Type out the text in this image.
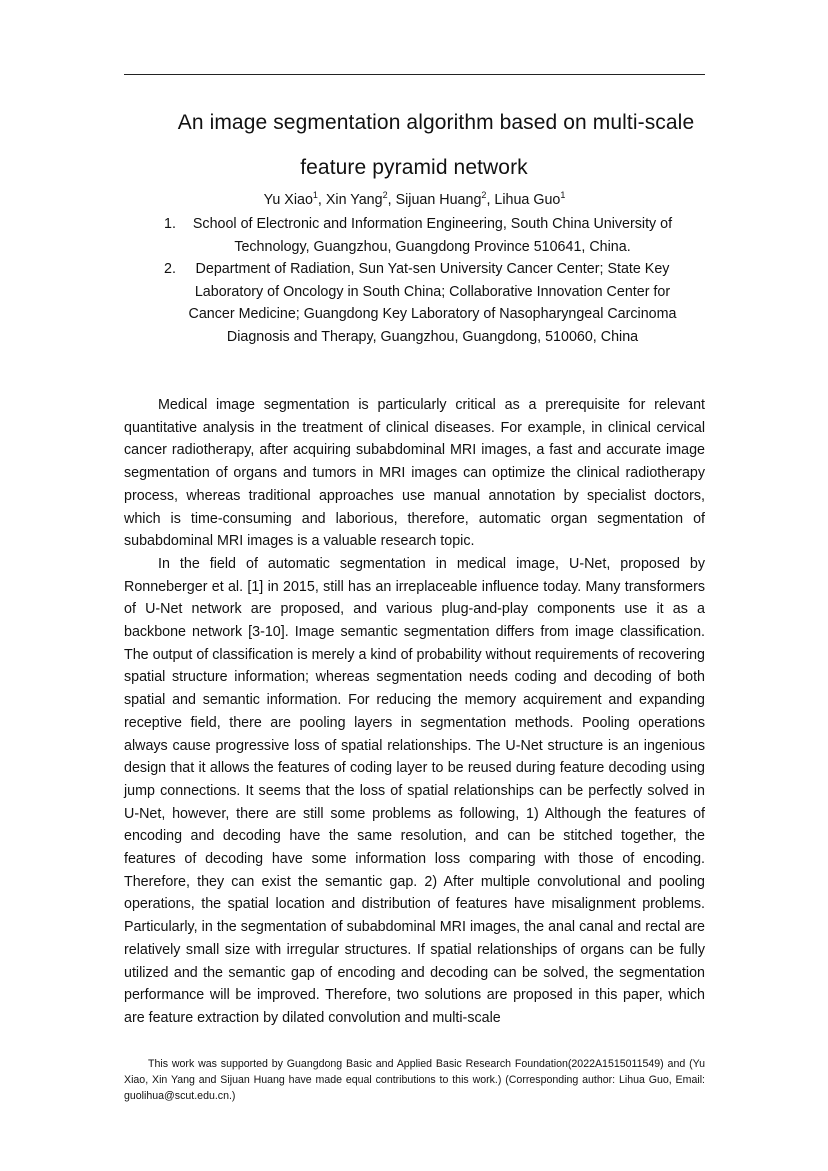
An image segmentation algorithm based on multi-scale
feature pyramid network
Yu Xiao$^1$, Xin Yang$^2$, Sijuan Huang$^2$, Lihua Guo$^1$
1.	School of Electronic and Information Engineering, South China University of
Technology, Guangzhou, Guangdong Province 510641, China.
2.	Department of Radiation, Sun Yat-sen University Cancer Center; State Key
Laboratory of Oncology in South China; Collaborative Innovation Center for
Cancer Medicine; Guangdong Key Laboratory of Nasopharyngeal Carcinoma
Diagnosis and Therapy, Guangzhou, Guangdong, 510060, China

Medical image segmentation is particularly critical as a prerequisite for relevant quantitative analysis in the treatment of clinical diseases. For example, in clinical cervical cancer radiotherapy, after acquiring subabdominal MRI images, a fast and accurate image segmentation of organs and tumors in MRI images can optimize the clinical radiotherapy process, whereas traditional approaches use manual annotation by specialist doctors, which is time-consuming and laborious, therefore, automatic organ segmentation of subabdominal MRI images is a valuable research topic.

In the field of automatic segmentation in medical image, U-Net, proposed by Ronneberger et al. [1] in 2015, still has an irreplaceable influence today. Many transformers of U-Net network are proposed, and various plug-and-play components use it as a backbone network [3-10]. Image semantic segmentation differs from image classification. The output of classification is merely a kind of probability without requirements of recovering spatial structure information; whereas segmentation needs coding and decoding of both spatial and semantic information. For reducing the memory acquirement and expanding receptive field, there are pooling layers in segmentation methods. Pooling operations always cause progressive loss of spatial relationships. The U-Net structure is an ingenious design that it allows the features of coding layer to be reused during feature decoding using jump connections. It seems that the loss of spatial relationships can be perfectly solved in U-Net, however, there are still some problems as following, 1) Although the features of encoding and decoding have the same resolution, and can be stitched together, the features of decoding have some information loss comparing with those of encoding. Therefore, they can exist the semantic gap. 2) After multiple convolutional and pooling operations, the spatial location and distribution of features have misalignment problems. Particularly, in the segmentation of subabdominal MRI images, the anal canal and rectal are relatively small size with irregular structures. If spatial relationships of organs can be fully utilized and the semantic gap of encoding and decoding can be solved, the segmentation performance will be improved. Therefore, two solutions are proposed in this paper, which are feature extraction by dilated convolution and multi-scale

This work was supported by Guangdong Basic and Applied Basic Research Foundation(2022A1515011549) and (Yu Xiao, Xin Yang and Sijuan Huang have made equal contributions to this work.) (Corresponding author: Lihua Guo, Email: guolihua@scut.edu.cn.)
